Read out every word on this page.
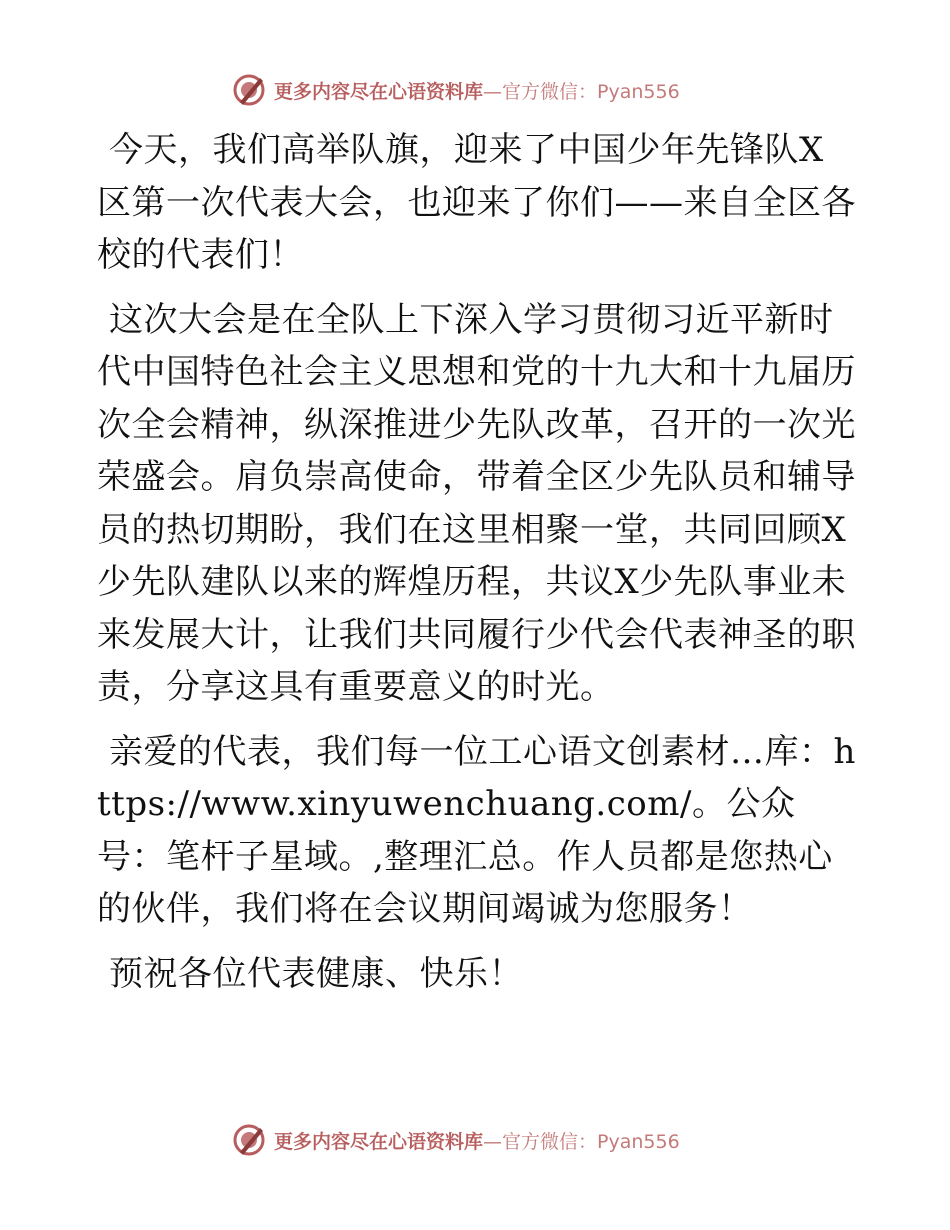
更多内容尽在心语资料库—官方微信：Pyan556

今天，我们高举队旗，迎来了中国少年先锋队X区第一次代表大会，也迎来了你们——来自全区各校的代表们！

这次大会是在全队上下深入学习贯彻习近平新时代中国特色社会主义思想和党的十九大和十九届历次全会精神，纵深推进少先队改革，召开的一次光荣盛会。肩负崇高使命，带着全区少先队员和辅导员的热切期盼，我们在这里相聚一堂，共同回顾X少先队建队以来的辉煌历程，共议X少先队事业未来发展大计，让我们共同履行少代会代表神圣的职责，分享这具有重要意义的时光。

亲爱的代表，我们每一位工心语文创素材…库：https://www.xinyuwenchuang.com/。公众号：笔杆子星域。,整理汇总。作人员都是您热心的伙伴，我们将在会议期间竭诚为您服务！

预祝各位代表健康、快乐！

更多内容尽在心语资料库—官方微信：Pyan556
